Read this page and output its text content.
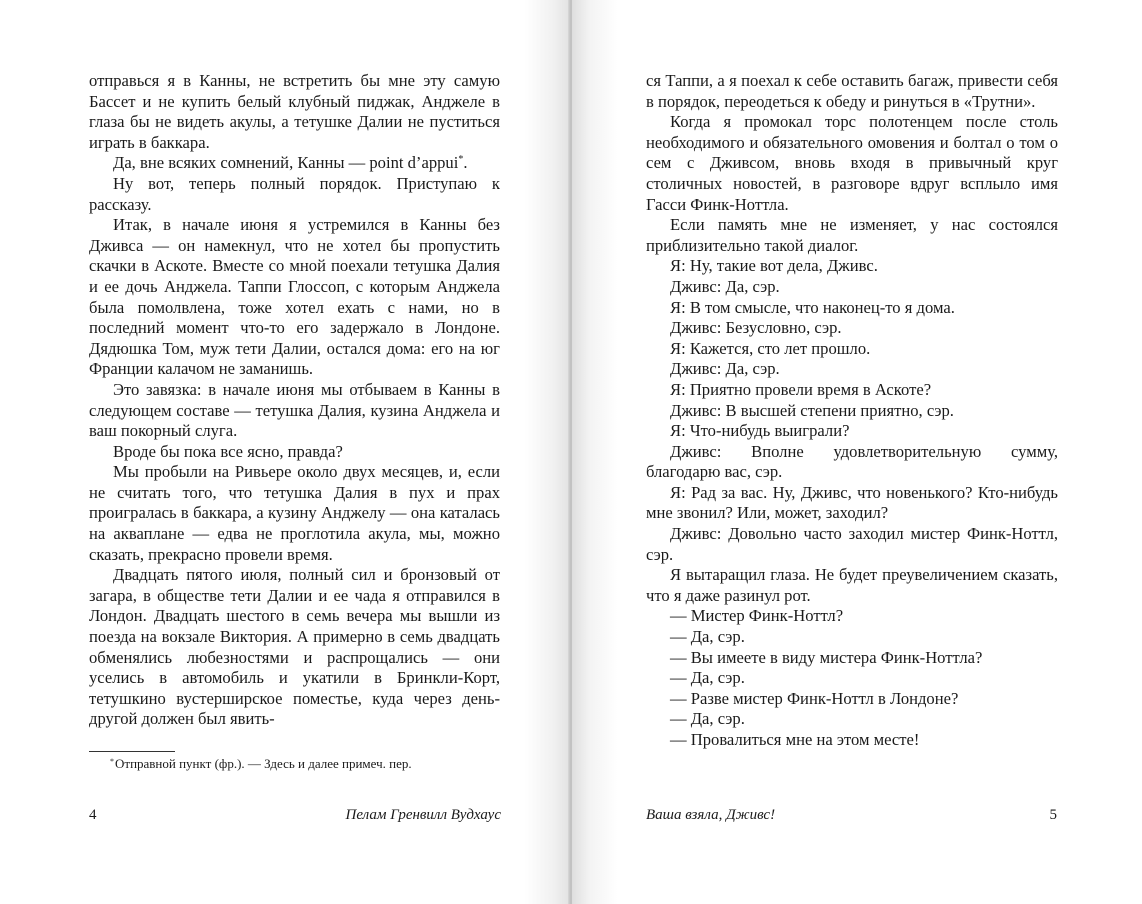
отправься я в Канны, не встретить бы мне эту самую Бассет и не купить белый клубный пиджак, Анджеле в глаза бы не видеть акулы, а тетушке Далии не пуститься играть в баккара.

Да, вне всяких сомнений, Канны — point d’appui*.

Ну вот, теперь полный порядок. Приступаю к рассказу.

Итак, в начале июня я устремился в Канны без Дживса — он намекнул, что не хотел бы пропустить скачки в Аскоте. Вместе со мной поехали тетушка Далия и ее дочь Анджела. Таппи Глоссоп, с которым Анджела была помолвлена, тоже хотел ехать с нами, но в последний момент что-то его задержало в Лондоне. Дядюшка Том, муж тети Далии, остался дома: его на юг Франции калачом не заманишь.

Это завязка: в начале июня мы отбываем в Канны в следующем составе — тетушка Далия, кузина Анджела и ваш покорный слуга.

Вроде бы пока все ясно, правда?

Мы пробыли на Ривьере около двух месяцев, и, если не считать того, что тетушка Далия в пух и прах проигралась в баккара, а кузину Анджелу — она каталась на акваплане — едва не проглотила акула, мы, можно сказать, прекрасно провели время.

Двадцать пятого июля, полный сил и бронзовый от загара, в обществе тети Далии и ее чада я отправился в Лондон. Двадцать шестого в семь вечера мы вышли из поезда на вокзале Виктория. А примерно в семь двадцать обменялись любезностями и распрощались — они уселись в автомобиль и укатили в Бринкли-Корт, тетушкино вустерширское поместье, куда через день-другой должен был явить-

*Отправной пункт (фр.). — Здесь и далее примеч. пер.
4	Пелам Гренвилл Вудхаус

ся Таппи, а я поехал к себе оставить багаж, привести себя в порядок, переодеться к обеду и ринуться в «Трутни».

Когда я промокал торс полотенцем после столь необходимого и обязательного омовения и болтал о том о сем с Дживсом, вновь входя в привычный круг столичных новостей, в разговоре вдруг всплыло имя Гасси Финк-Ноттла.

Если память мне не изменяет, у нас состоялся приблизительно такой диалог.

Я: Ну, такие вот дела, Дживс.

Дживс: Да, сэр.

Я: В том смысле, что наконец-то я дома.

Дживс: Безусловно, сэр.

Я: Кажется, сто лет прошло.

Дживс: Да, сэр.

Я: Приятно провели время в Аскоте?

Дживс: В высшей степени приятно, сэр.

Я: Что-нибудь выиграли?

Дживс: Вполне удовлетворительную сумму, благодарю вас, сэр.

Я: Рад за вас. Ну, Дживс, что новенького? Кто-нибудь мне звонил? Или, может, заходил?

Дживс: Довольно часто заходил мистер Финк-Ноттл, сэр.

Я вытаращил глаза. Не будет преувеличением сказать, что я даже разинул рот.

— Мистер Финк-Ноттл?

— Да, сэр.

— Вы имеете в виду мистера Финк-Ноттла?

— Да, сэр.

— Разве мистер Финк-Ноттл в Лондоне?

— Да, сэр.

— Провалиться мне на этом месте!

Ваша взяла, Дживс!	5
